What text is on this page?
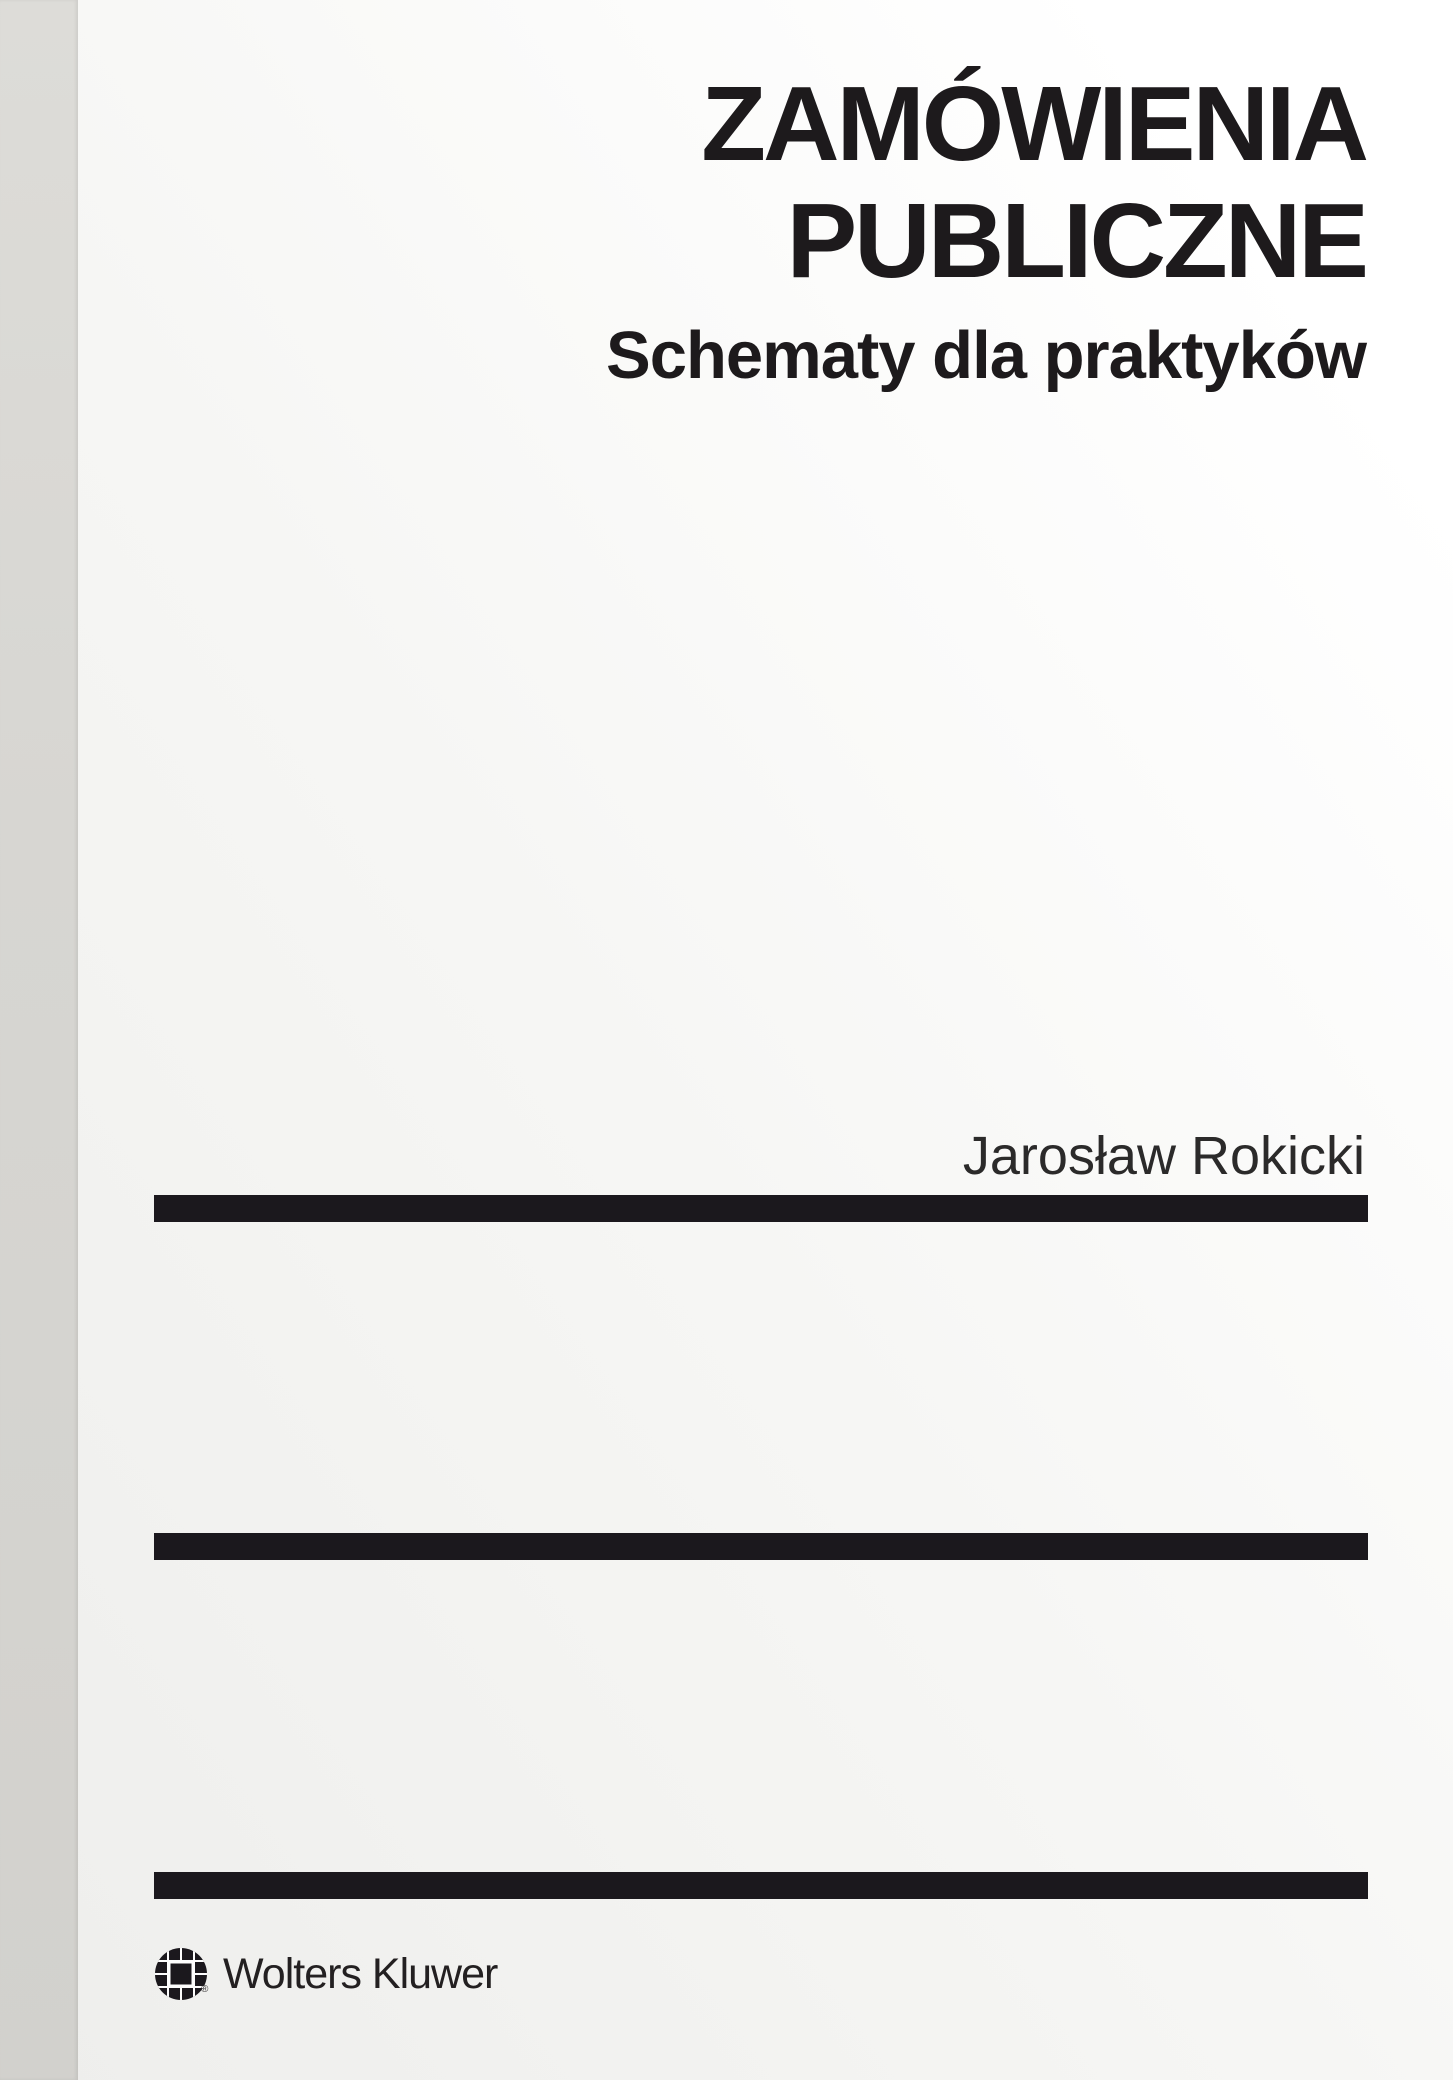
ZAMÓWIENIA
PUBLICZNE
Schematy dla praktyków
Jarosław Rokicki
® Wolters Kluwer
